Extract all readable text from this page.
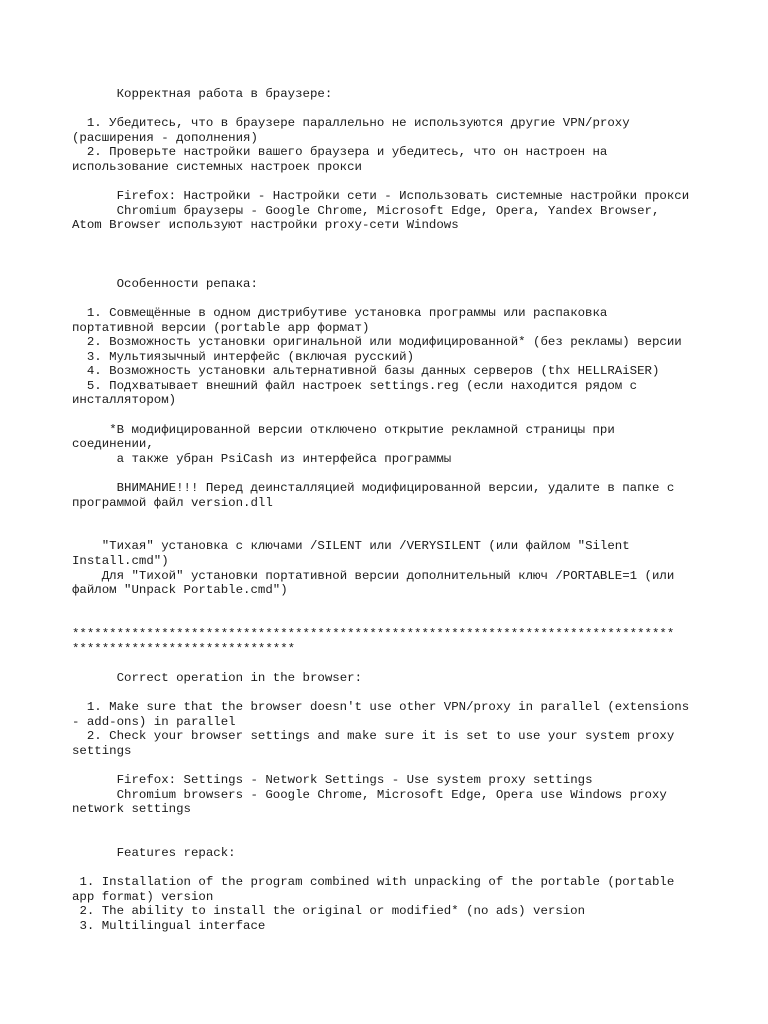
Корректная работа в браузере:
1. Убедитесь, что в браузере параллельно не используются другие VPN/proxy
(расширения - дополнения)
2. Проверьте настройки вашего браузера и убедитесь, что он настроен на
использование системных настроек прокси
Firefox: Настройки - Настройки сети - Использовать системные настройки прокси
Chromium браузеры - Google Chrome, Microsoft Edge, Opera, Yandex Browser,
Atom Browser используют настройки proxy-сети Windows
Особенности репака:
1. Совмещённые в одном дистрибутиве установка программы или распаковка
портативной версии (portable app формат)
2. Возможность установки оригинальной или модифицированной* (без рекламы) версии
3. Мультиязычный интерфейс (включая русский)
4. Возможность установки альтернативной базы данных серверов (thx HELLRAiSER)
5. Подхватывает внешний файл настроек settings.reg (если находится рядом с
инсталлятором)
*В модифицированной версии отключено открытие рекламной страницы при
соединении,
а также убран PsiCash из интерфейса программы
ВНИМАНИЕ!!! Перед деинсталляцией модифицированной версии, удалите в папке с
программой файл version.dll
"Тихая" установка с ключами /SILENT или /VERYSILENT (или файлом "Silent
Install.cmd")
Для "Тихой" установки портативной версии дополнительный ключ /PORTABLE=1 (или
файлом "Unpack Portable.cmd")
*********************************************************************************
******************************
Correct operation in the browser:
1. Make sure that the browser doesn't use other VPN/proxy in parallel (extensions
- add-ons) in parallel
2. Check your browser settings and make sure it is set to use your system proxy
settings
Firefox: Settings - Network Settings - Use system proxy settings
Chromium browsers - Google Chrome, Microsoft Edge, Opera use Windows proxy
network settings
Features repack:
1. Installation of the program combined with unpacking of the portable (portable
app format) version
2. The ability to install the original or modified* (no ads) version
3. Multilingual interface
